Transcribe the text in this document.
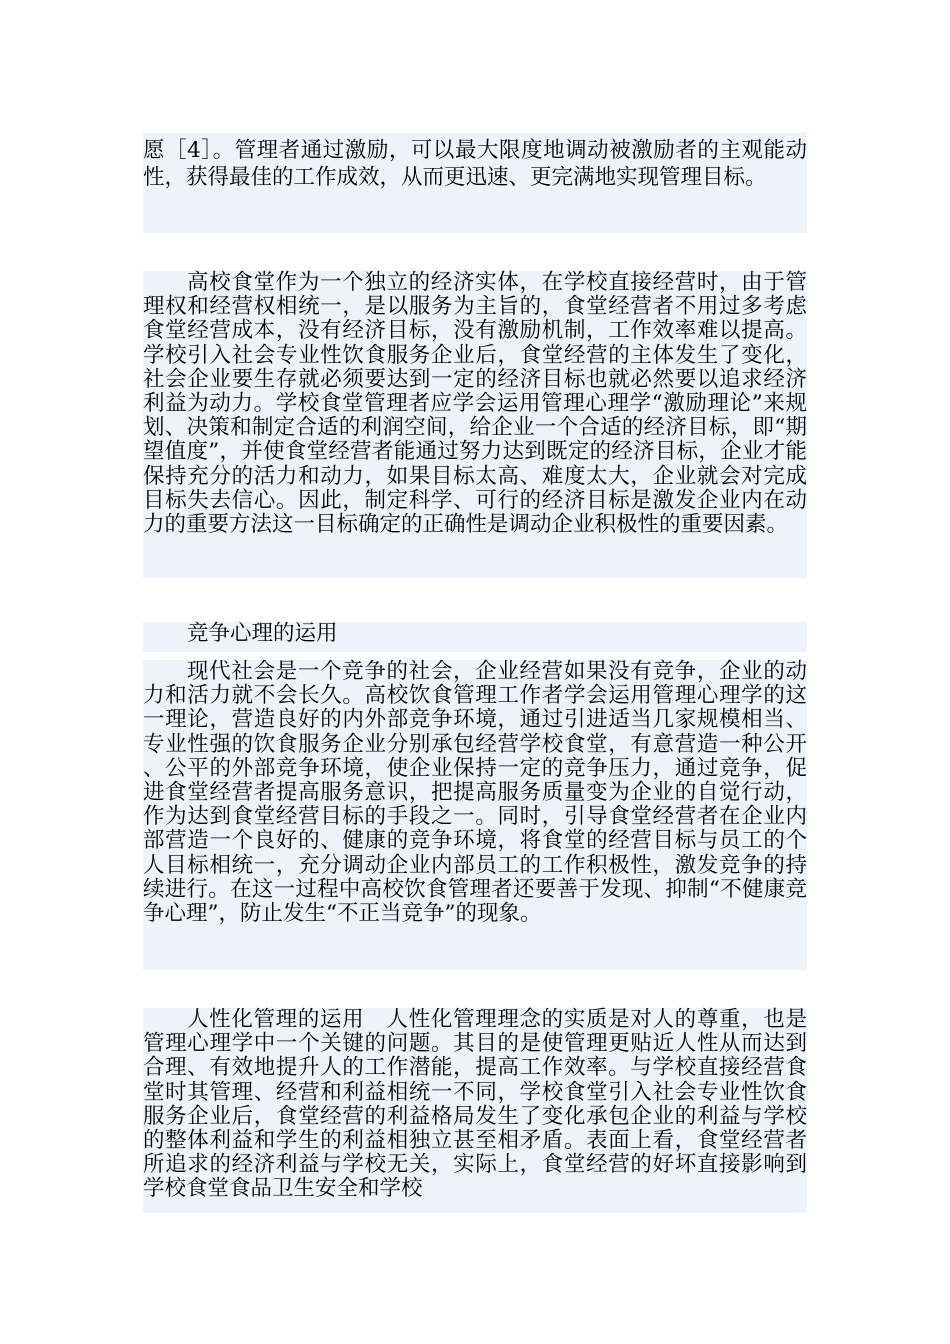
愿［4］。管理者通过激励，可以最大限度地调动被激励者的主观能动性，获得最佳的工作成效，从而更迅速、更完满地实现管理目标。

高校食堂作为一个独立的经济实体，在学校直接经营时，由于管理权和经营权相统一，是以服务为主旨的，食堂经营者不用过多考虑食堂经营成本，没有经济目标，没有激励机制，工作效率难以提高。学校引入社会专业性饮食服务企业后，食堂经营的主体发生了变化，社会企业要生存就必须要达到一定的经济目标也就必然要以追求经济利益为动力。学校食堂管理者应学会运用管理心理学“激励理论”来规划、决策和制定合适的利润空间，给企业一个合适的经济目标，即“期望值度”，并使食堂经营者能通过努力达到既定的经济目标，企业才能保持充分的活力和动力，如果目标太高、难度太大，企业就会对完成目标失去信心。因此，制定科学、可行的经济目标是激发企业内在动力的重要方法这一目标确定的正确性是调动企业积极性的重要因素。

竞争心理的运用

现代社会是一个竞争的社会，企业经营如果没有竞争，企业的动力和活力就不会长久。高校饮食管理工作者学会运用管理心理学的这一理论，营造良好的内外部竞争环境，通过引进适当几家规模相当、专业性强的饮食服务企业分别承包经营学校食堂，有意营造一种公开、公平的外部竞争环境，使企业保持一定的竞争压力，通过竞争，促进食堂经营者提高服务意识，把提高服务质量变为企业的自觉行动，作为达到食堂经营目标的手段之一。同时，引导食堂经营者在企业内部营造一个良好的、健康的竞争环境，将食堂的经营目标与员工的个人目标相统一，充分调动企业内部员工的工作积极性，激发竞争的持续进行。在这一过程中高校饮食管理者还要善于发现、抑制“不健康竞争心理”，防止发生“不正当竞争”的现象。

人性化管理的运用　人性化管理理念的实质是对人的尊重，也是管理心理学中一个关键的问题。其目的是使管理更贴近人性从而达到合理、有效地提升人的工作潜能，提高工作效率。与学校直接经营食堂时其管理、经营和利益相统一不同，学校食堂引入社会专业性饮食服务企业后，食堂经营的利益格局发生了变化承包企业的利益与学校的整体利益和学生的利益相独立甚至相矛盾。表面上看，食堂经营者所追求的经济利益与学校无关，实际上，食堂经营的好坏直接影响到学校食堂食品卫生安全和学校
